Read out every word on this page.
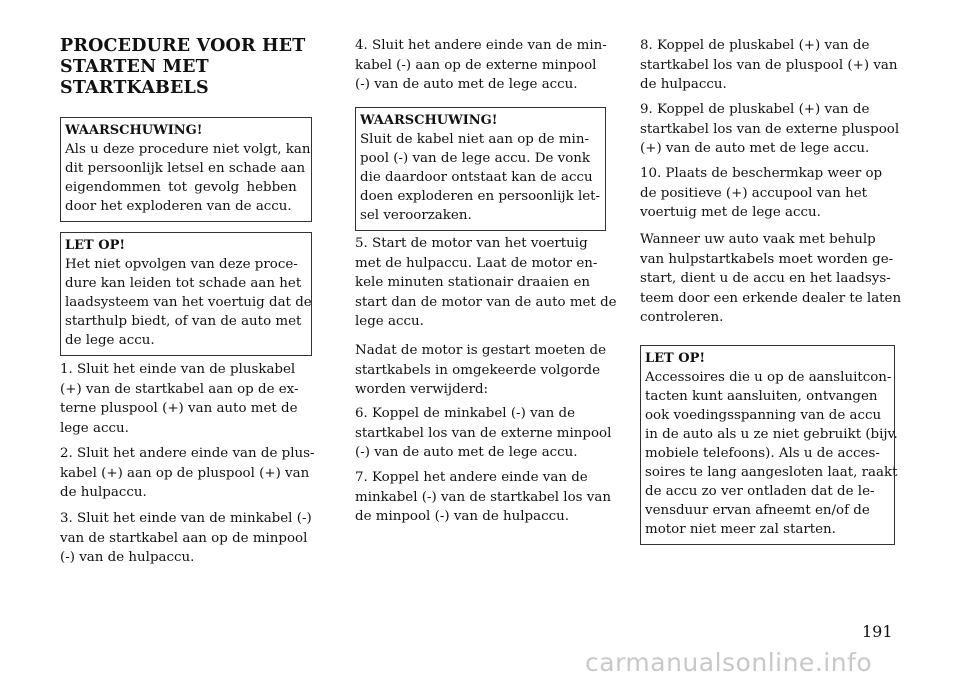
PROCEDURE VOOR HET
STARTEN MET
STARTKABELS
WAARSCHUWING!
Als u deze procedure niet volgt, kan
dit persoonlijk letsel en schade aan
eigendommen tot gevolg hebben
door het exploderen van de accu.
LET OP!
Het niet opvolgen van deze proce-
dure kan leiden tot schade aan het
laadsysteem van het voertuig dat de
starthulp biedt, of van de auto met
de lege accu.
1. Sluit het einde van de pluskabel
(+) van de startkabel aan op de ex-
terne pluspool (+) van auto met de
lege accu.
2. Sluit het andere einde van de plus-
kabel (+) aan op de pluspool (+) van
de hulpaccu.
3. Sluit het einde van de minkabel (-)
van de startkabel aan op de minpool
(-) van de hulpaccu.
4. Sluit het andere einde van de min-
kabel (-) aan op de externe minpool
(-) van de auto met de lege accu.
WAARSCHUWING!
Sluit de kabel niet aan op de min-
pool (-) van de lege accu. De vonk
die daardoor ontstaat kan de accu
doen exploderen en persoonlijk let-
sel veroorzaken.
5. Start de motor van het voertuig
met de hulpaccu. Laat de motor en-
kele minuten stationair draaien en
start dan de motor van de auto met de
lege accu.
Nadat de motor is gestart moeten de
startkabels in omgekeerde volgorde
worden verwijderd:
6. Koppel de minkabel (-) van de
startkabel los van de externe minpool
(-) van de auto met de lege accu.
7. Koppel het andere einde van de
minkabel (-) van de startkabel los van
de minpool (-) van de hulpaccu.
8. Koppel de pluskabel (+) van de
startkabel los van de pluspool (+) van
de hulpaccu.
9. Koppel de pluskabel (+) van de
startkabel los van de externe pluspool
(+) van de auto met de lege accu.
10. Plaats de beschermkap weer op
de positieve (+) accupool van het
voertuig met de lege accu.
Wanneer uw auto vaak met behulp
van hulpstartkabels moet worden ge-
start, dient u de accu en het laadsys-
teem door een erkende dealer te laten
controleren.
LET OP!
Accessoires die u op de aansluitcon-
tacten kunt aansluiten, ontvangen
ook voedingsspanning van de accu
in de auto als u ze niet gebruikt (bijv.
mobiele telefoons). Als u de acces-
soires te lang aangesloten laat, raakt
de accu zo ver ontladen dat de le-
vensduur ervan afneemt en/of de
motor niet meer zal starten.
191
carmanualsonline.info
